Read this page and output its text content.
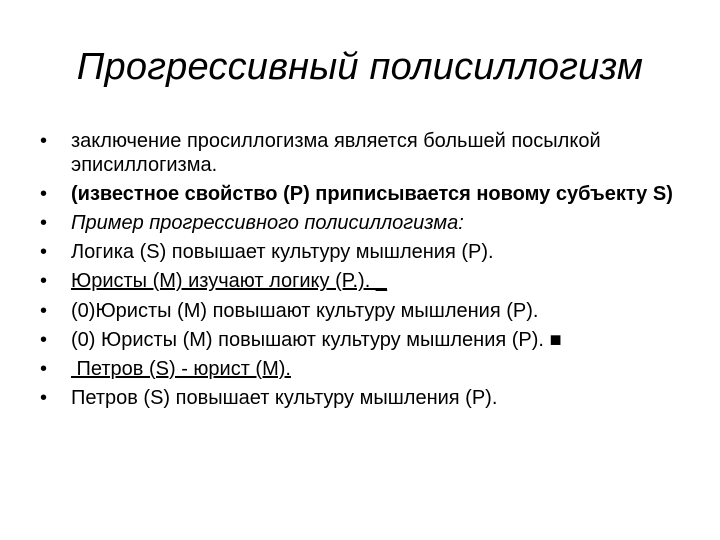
Прогрессивный полисиллогизм
•	заключение просиллогизма является большей посылкой эписиллогизма.
•	(известное свойство (P) приписывается новому субъекту S)
•	Пример прогрессивного полисиллогизма:
•	Логика (S) повышает культуру мышления (P).
•	Юристы (М) изучают логику (P.). _
•	(0)Юристы (М) повышают культуру мышления (P).
•	(0) Юристы (М) повышают культуру мышления (P). ■
•	Петров (S) - юрист (M).
•	Петров (S) повышает культуру мышления (P).
